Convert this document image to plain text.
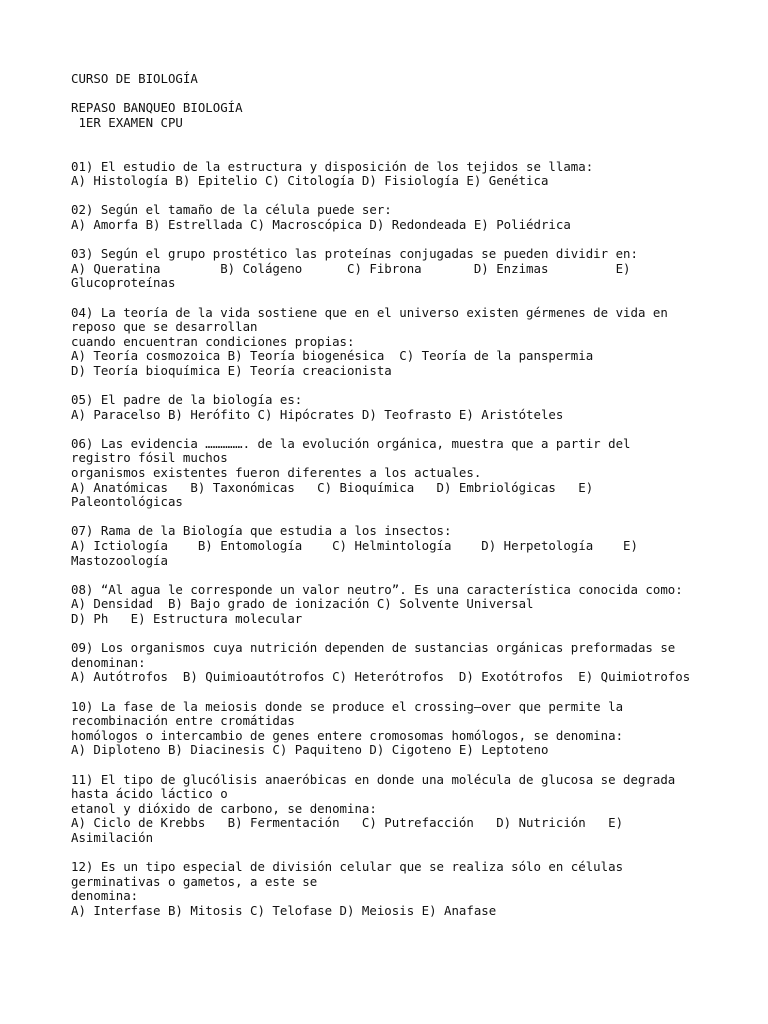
CURSO DE BIOLOGÍA
REPASO BANQUEO BIOLOGÍA
1ER EXAMEN CPU
01) El estudio de la estructura y disposición de los tejidos se llama:
A) Histología B) Epitelio C) Citología D) Fisiología E) Genética
02) Según el tamaño de la célula puede ser:
A) Amorfa B) Estrellada C) Macroscópica D) Redondeada E) Poliédrica
03) Según el grupo prostético las proteínas conjugadas se pueden dividir en:
A) Queratina        B) Colágeno      C) Fibrona       D) Enzimas         E)
Glucoproteínas
04) La teoría de la vida sostiene que en el universo existen gérmenes de vida en
reposo que se desarrollan
cuando encuentran condiciones propias:
A) Teoría cosmozoica B) Teoría biogenésica  C) Teoría de la panspermia
D) Teoría bioquímica E) Teoría creacionista
05) El padre de la biología es:
A) Paracelso B) Herófito C) Hipócrates D) Teofrasto E) Aristóteles
06) Las evidencia ……………. de la evolución orgánica, muestra que a partir del
registro fósil muchos
organismos existentes fueron diferentes a los actuales.
A) Anatómicas   B) Taxonómicas   C) Bioquímica   D) Embriológicas   E)
Paleontológicas
07) Rama de la Biología que estudia a los insectos:
A) Ictiología    B) Entomología    C) Helmintología    D) Herpetología    E)
Mastozoología
08) “Al agua le corresponde un valor neutro”. Es una característica conocida como:
A) Densidad  B) Bajo grado de ionización C) Solvente Universal
D) Ph   E) Estructura molecular
09) Los organismos cuya nutrición dependen de sustancias orgánicas preformadas se
denominan:
A) Autótrofos  B) Quimioautótrofos C) Heterótrofos  D) Exotótrofos  E) Quimiotrofos
10) La fase de la meiosis donde se produce el crossing–over que permite la
recombinación entre cromátidas
homólogos o intercambio de genes entere cromosomas homólogos, se denomina:
A) Diploteno B) Diacinesis C) Paquiteno D) Cigoteno E) Leptoteno
11) El tipo de glucólisis anaeróbicas en donde una molécula de glucosa se degrada
hasta ácido láctico o
etanol y dióxido de carbono, se denomina:
A) Ciclo de Krebbs   B) Fermentación   C) Putrefacción   D) Nutrición   E)
Asimilación
12) Es un tipo especial de división celular que se realiza sólo en células
germinativas o gametos, a este se
denomina:
A) Interfase B) Mitosis C) Telofase D) Meiosis E) Anafase
